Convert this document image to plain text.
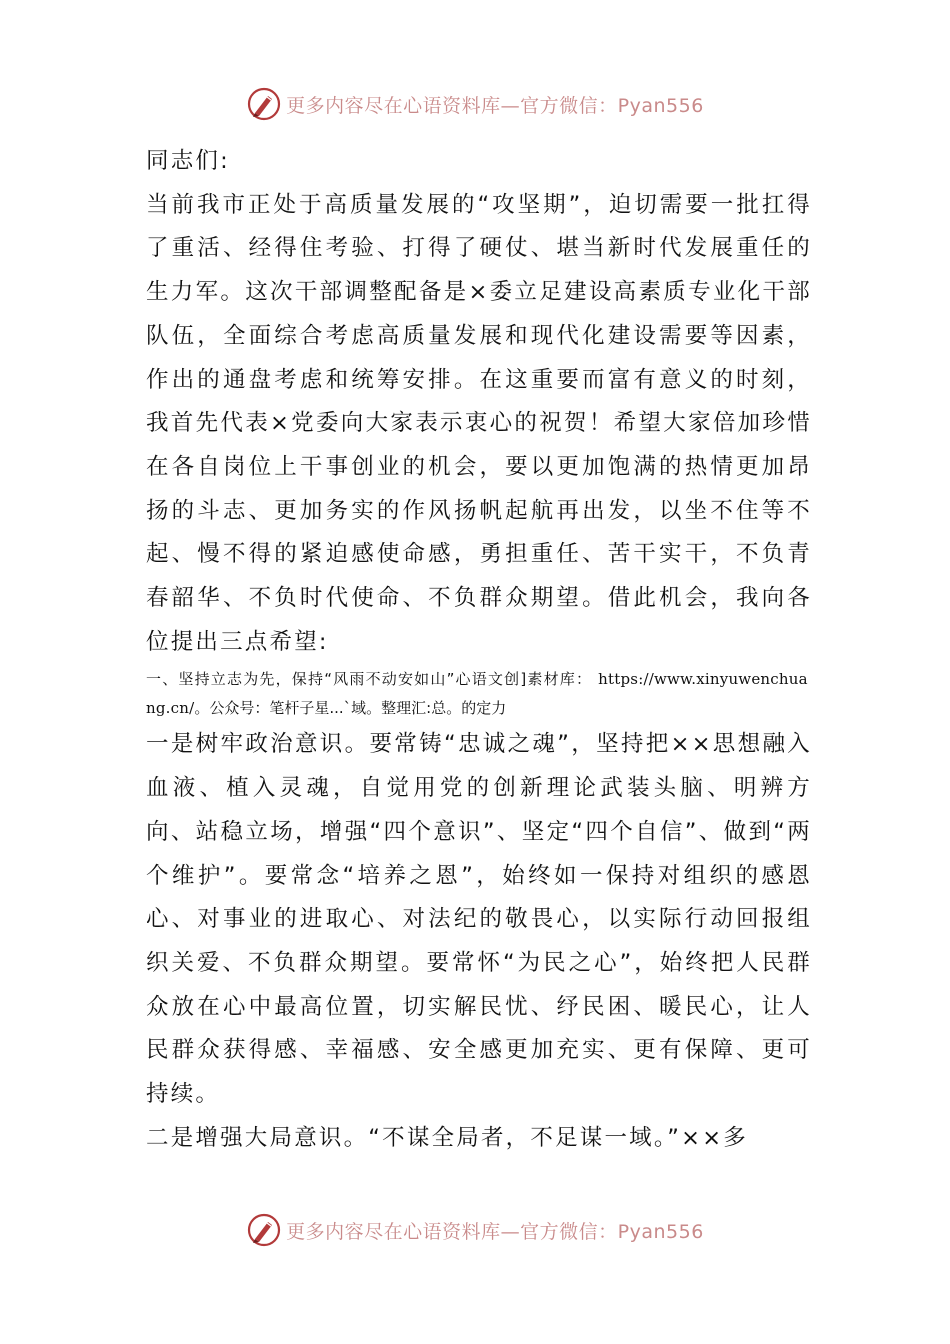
更多内容尽在心语资料库—官方微信：Pyan556

同志们:

当前我市正处于高质量发展的“攻坚期”，迫切需要一批扛得了重活、经得住考验、打得了硬仗、堪当新时代发展重任的生力军。这次干部调整配备是×委立足建设高素质专业化干部队伍，全面综合考虑高质量发展和现代化建设需要等因素，作出的通盘考虑和统筹安排。在这重要而富有意义的时刻，我首先代表×党委向大家表示衷心的祝贺！希望大家倍加珍惜在各自岗位上干事创业的机会，要以更加饱满的热情更加昂扬的斗志、更加务实的作风扬帆起航再出发，以坐不住等不起、慢不得的紧迫感使命感，勇担重任、苦干实干，不负青春韶华、不负时代使命、不负群众期望。借此机会，我向各位提出三点希望:

一、坚持立志为先，保持“风雨不动安如山”心语文创]素材库： https://www.xinyuwenchuang.cn/。公众号：笔杆子星...`域。整理汇:总。的定力

一是树牢政治意识。要常铸“忠诚之魂”，坚持把××思想融入血液、植入灵魂，自觉用党的创新理论武装头脑、明辨方向、站稳立场，增强“四个意识”、坚定“四个自信”、做到“两个维护”。要常念“培养之恩”，始终如一保持对组织的感恩心、对事业的进取心、对法纪的敬畏心，以实际行动回报组织关爱、不负群众期望。要常怀“为民之心”，始终把人民群众放在心中最高位置，切实解民忧、纾民困、暖民心，让人民群众获得感、幸福感、安全感更加充实、更有保障、更可持续。

二是增强大局意识。“不谋全局者，不足谋一域。”××多

更多内容尽在心语资料库—官方微信：Pyan556
